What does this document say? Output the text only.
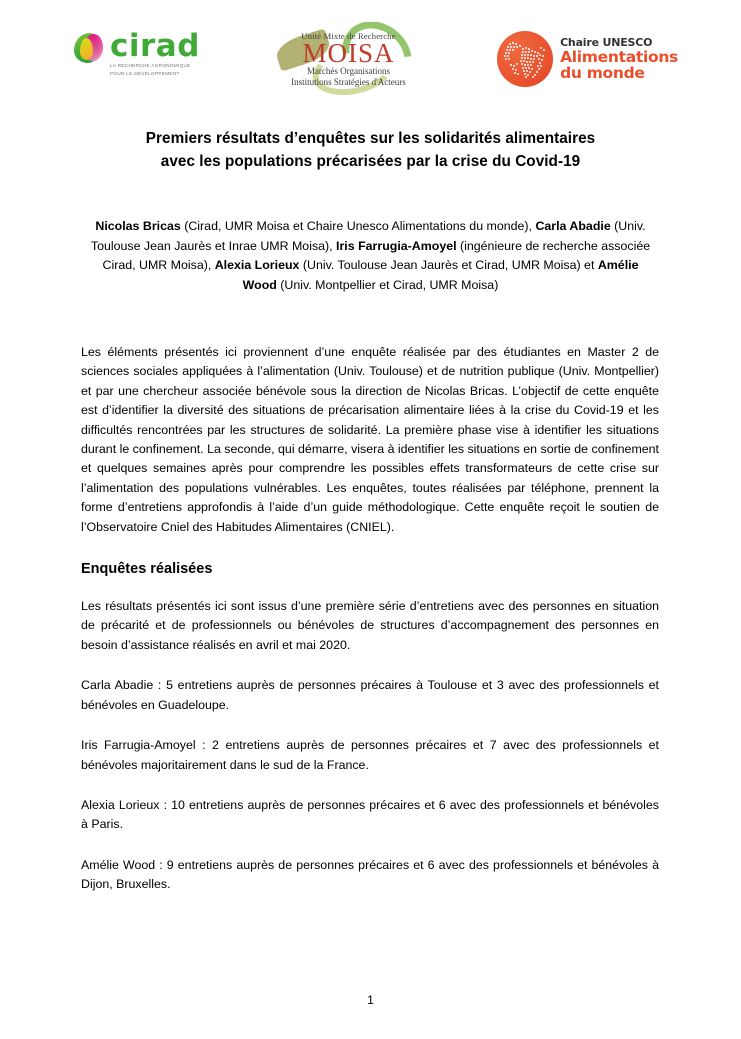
cirad
LA RECHERCHE AGRONOMIQUE
POUR LE DÉVELOPPEMENT
Unité Mixte de Recherche
MOISA
Marchés Organisations
Institutions Stratégies d'Acteurs
Chaire UNESCO
Alimentations
du monde
Premiers résultats d’enquêtes sur les solidarités alimentaires
avec les populations précarisées par la crise du Covid-19
Nicolas Bricas (Cirad, UMR Moisa et Chaire Unesco Alimentations du monde), Carla Abadie (Univ. Toulouse Jean Jaurès et Inrae UMR Moisa), Iris Farrugia-Amoyel (ingénieure de recherche associée Cirad, UMR Moisa), Alexia Lorieux (Univ. Toulouse Jean Jaurès et Cirad, UMR Moisa) et Amélie Wood (Univ. Montpellier et Cirad, UMR Moisa)

Les éléments présentés ici proviennent d’une enquête réalisée par des étudiantes en Master 2 de sciences sociales appliquées à l’alimentation (Univ. Toulouse) et de nutrition publique (Univ. Montpellier) et par une chercheur associée bénévole sous la direction de Nicolas Bricas. L’objectif de cette enquête est d’identifier la diversité des situations de précarisation alimentaire liées à la crise du Covid-19 et les difficultés rencontrées par les structures de solidarité. La première phase vise à identifier les situations durant le confinement. La seconde, qui démarre, visera à identifier les situations en sortie de confinement et quelques semaines après pour comprendre les possibles effets transformateurs de cette crise sur l’alimentation des populations vulnérables. Les enquêtes, toutes réalisées par téléphone, prennent la forme d’entretiens approfondis à l’aide d’un guide méthodologique. Cette enquête reçoit le soutien de l’Observatoire Cniel des Habitudes Alimentaires (CNIEL).

Enquêtes réalisées

Les résultats présentés ici sont issus d’une première série d’entretiens avec des personnes en situation de précarité et de professionnels ou bénévoles de structures d’accompagnement des personnes en besoin d’assistance réalisés en avril et mai 2020.

Carla Abadie : 5 entretiens auprès de personnes précaires à Toulouse et 3 avec des professionnels et bénévoles en Guadeloupe.

Iris Farrugia-Amoyel : 2 entretiens auprès de personnes précaires et 7 avec des professionnels et bénévoles majoritairement dans le sud de la France.

Alexia Lorieux : 10 entretiens auprès de personnes précaires et 6 avec des professionnels et bénévoles à Paris.

Amélie Wood : 9 entretiens auprès de personnes précaires et 6 avec des professionnels et bénévoles à Dijon, Bruxelles.

1
